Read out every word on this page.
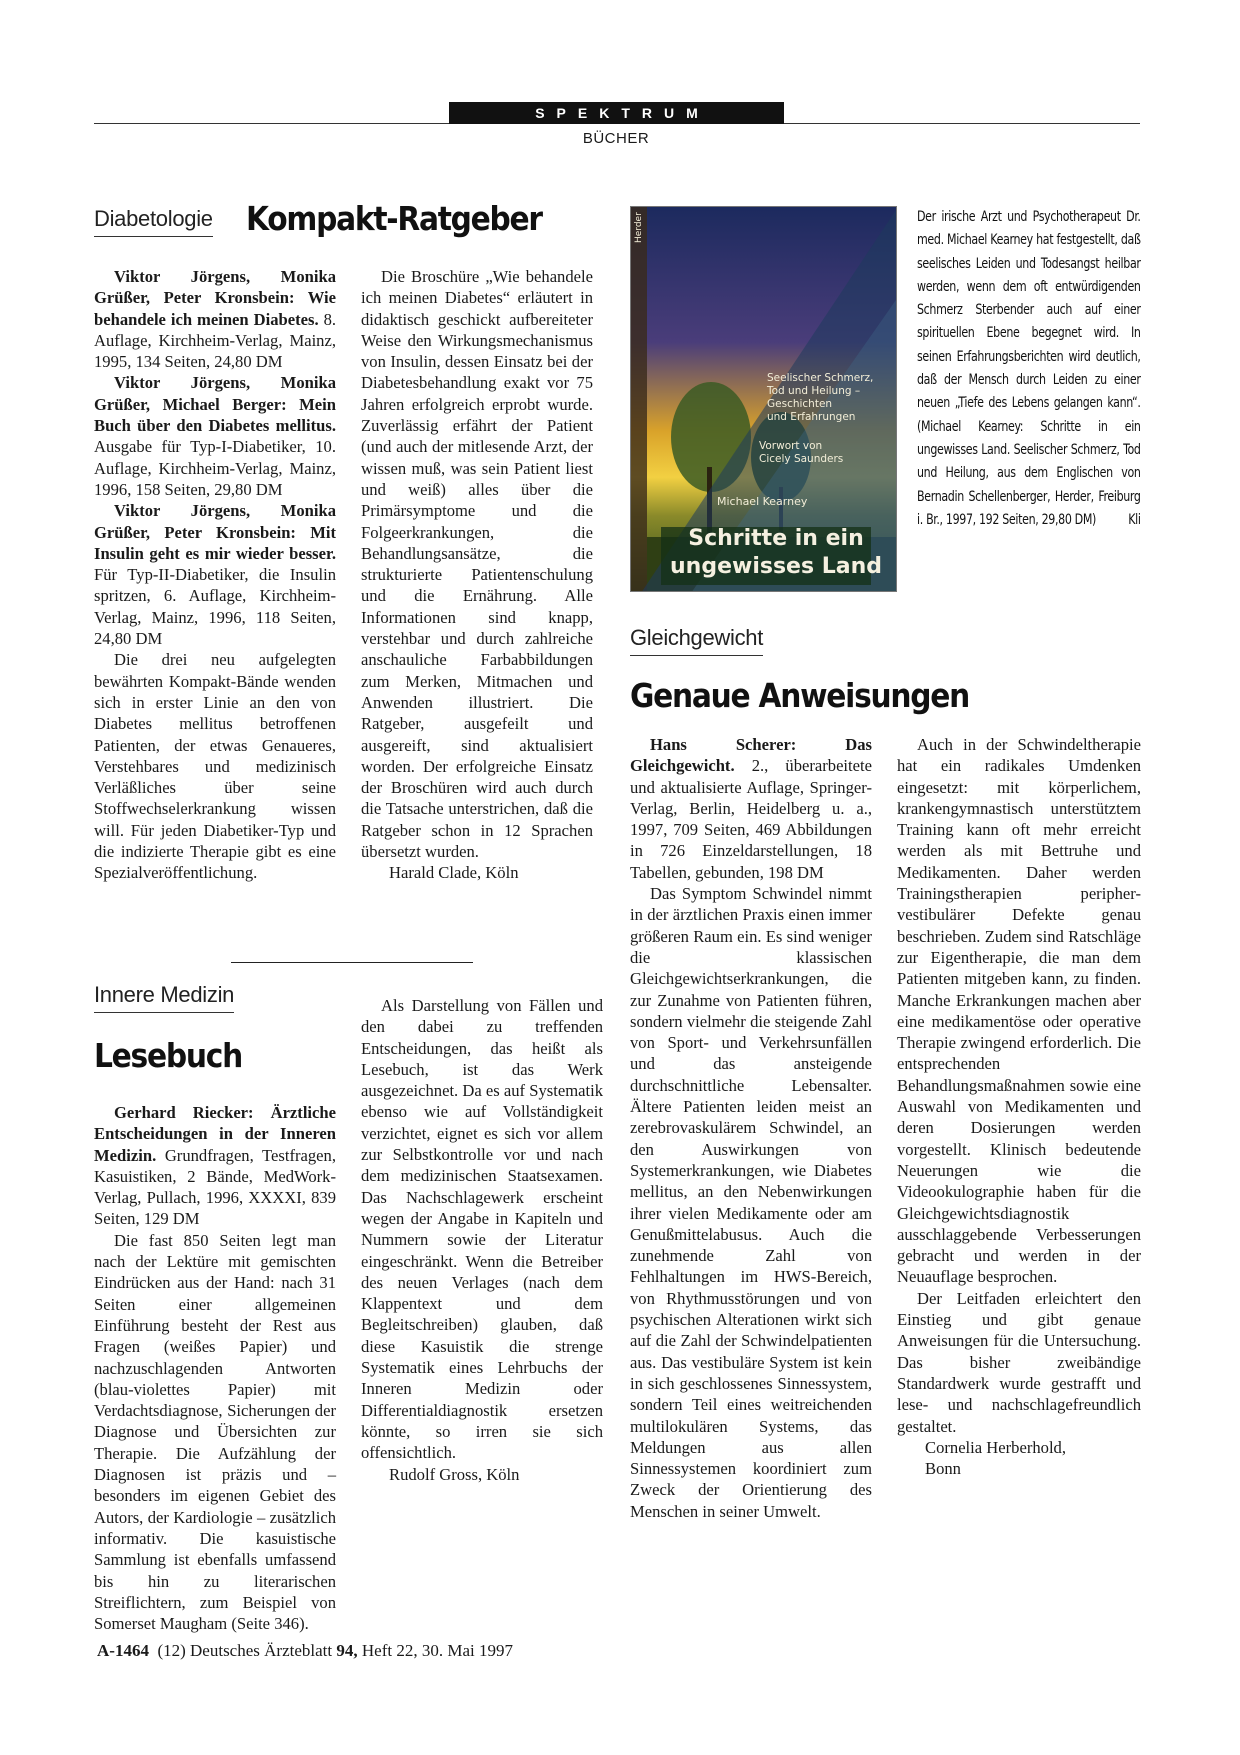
SPEKTRUM
BÜCHER
Diabetologie Kompakt-Ratgeber

Viktor Jörgens, Monika Grüßer, Peter Kronsbein: Wie behandele ich meinen Diabetes. 8. Auflage, Kirchheim-Verlag, Mainz, 1995, 134 Seiten, 24,80 DM

Viktor Jörgens, Monika Grüßer, Michael Berger: Mein Buch über den Diabetes mellitus. Ausgabe für Typ-I-Diabetiker, 10. Auflage, Kirchheim-Verlag, Mainz, 1996, 158 Seiten, 29,80 DM

Viktor Jörgens, Monika Grüßer, Peter Kronsbein: Mit Insulin geht es mir wieder besser. Für Typ-II-Diabetiker, die Insulin spritzen, 6. Auflage, Kirchheim-Verlag, Mainz, 1996, 118 Seiten, 24,80 DM

Die drei neu aufgelegten bewährten Kompakt-Bände wenden sich in erster Linie an den von Diabetes mellitus betroffenen Patienten, der etwas Genaueres, Verstehbares und medizinisch Verläßliches über seine Stoffwechselerkrankung wissen will. Für jeden Diabetiker-Typ und die indizierte Therapie gibt es eine Spezialveröffentlichung.

Die Broschüre „Wie behandele ich meinen Diabetes“ erläutert in didaktisch geschickt aufbereiteter Weise den Wirkungsmechanismus von Insulin, dessen Einsatz bei der Diabetesbehandlung exakt vor 75 Jahren erfolgreich erprobt wurde. Zuverlässig erfährt der Patient (und auch der mitlesende Arzt, der wissen muß, was sein Patient liest und weiß) alles über die Primärsymptome und die Folgeerkrankungen, die Behandlungsansätze, die strukturierte Patientenschulung und die Ernährung. Alle Informationen sind knapp, verstehbar und durch zahlreiche anschauliche Farbabbildungen zum Merken, Mitmachen und Anwenden illustriert. Die Ratgeber, ausgefeilt und ausgereift, sind aktualisiert worden. Der erfolgreiche Einsatz der Broschüren wird auch durch die Tatsache unterstrichen, daß die Ratgeber schon in 12 Sprachen übersetzt wurden.

Harald Clade, Köln

Innere Medizin
Lesebuch

Gerhard Riecker: Ärztliche Entscheidungen in der Inneren Medizin. Grundfragen, Testfragen, Kasuistiken, 2 Bände, MedWork-Verlag, Pullach, 1996, XXXXI, 839 Seiten, 129 DM

Die fast 850 Seiten legt man nach der Lektüre mit gemischten Eindrücken aus der Hand: nach 31 Seiten einer allgemeinen Einführung besteht der Rest aus Fragen (weißes Papier) und nachzuschlagenden Antworten (blau-violettes Papier) mit Verdachtsdiagnose, Sicherungen der Diagnose und Übersichten zur Therapie. Die Aufzählung der Diagnosen ist präzis und – besonders im eigenen Gebiet des Autors, der Kardiologie – zusätzlich informativ. Die kasuistische Sammlung ist ebenfalls umfassend bis hin zu literarischen Streiflichtern, zum Beispiel von Somerset Maugham (Seite 346).

Als Darstellung von Fällen und den dabei zu treffenden Entscheidungen, das heißt als Lesebuch, ist das Werk ausgezeichnet. Da es auf Systematik ebenso wie auf Vollständigkeit verzichtet, eignet es sich vor allem zur Selbstkontrolle vor und nach dem medizinischen Staatsexamen. Das Nachschlagewerk erscheint wegen der Angabe in Kapiteln und Nummern sowie der Literatur eingeschränkt. Wenn die Betreiber des neuen Verlages (nach dem Klappentext und dem Begleitschreiben) glauben, daß diese Kasuistik die strenge Systematik eines Lehrbuchs der Inneren Medizin oder Differentialdiagnostik ersetzen könnte, so irren sie sich offensichtlich.

Rudolf Gross, Köln

Herder
Seelischer Schmerz,
Tod und Heilung –
Geschichten
und Erfahrungen
Vorwort von
Cicely Saunders
Michael Kearney
Schritte in ein
ungewisses Land
Der irische Arzt und Psychotherapeut Dr. med. Michael Kearney hat festgestellt, daß seelisches Leiden und Todesangst heilbar werden, wenn dem oft entwürdigenden Schmerz Sterbender auch auf einer spirituellen Ebene begegnet wird. In seinen Erfahrungsberichten wird deutlich, daß der Mensch durch Leiden zu einer neuen „Tiefe des Lebens gelangen kann“. (Michael Kearney: Schritte in ein ungewisses Land. Seelischer Schmerz, Tod und Heilung, aus dem Englischen von Bernadin Schellenberger, Herder, Freiburg i. Br., 1997, 192 Seiten, 29,80 DM) Kli
Gleichgewicht
Genaue Anweisungen

Hans Scherer: Das Gleichgewicht. 2., überarbeitete und aktualisierte Auflage, Springer-Verlag, Berlin, Heidelberg u. a., 1997, 709 Seiten, 469 Abbildungen in 726 Einzeldarstellungen, 18 Tabellen, gebunden, 198 DM

Das Symptom Schwindel nimmt in der ärztlichen Praxis einen immer größeren Raum ein. Es sind weniger die klassischen Gleichgewichtserkrankungen, die zur Zunahme von Patienten führen, sondern vielmehr die steigende Zahl von Sport- und Verkehrsunfällen und das ansteigende durchschnittliche Lebensalter. Ältere Patienten leiden meist an zerebrovaskulärem Schwindel, an den Auswirkungen von Systemerkrankungen, wie Diabetes mellitus, an den Nebenwirkungen ihrer vielen Medikamente oder am Genußmittelabusus. Auch die zunehmende Zahl von Fehlhaltungen im HWS-Bereich, von Rhythmusstörungen und von psychischen Alterationen wirkt sich auf die Zahl der Schwindelpatienten aus. Das vestibuläre System ist kein in sich geschlossenes Sinnessystem, sondern Teil eines weitreichenden multilokulären Systems, das Meldungen aus allen Sinnessystemen koordiniert zum Zweck der Orientierung des Menschen in seiner Umwelt.

Auch in der Schwindeltherapie hat ein radikales Umdenken eingesetzt: mit körperlichem, krankengymnastisch unterstütztem Training kann oft mehr erreicht werden als mit Bettruhe und Medikamenten. Daher werden Trainingstherapien peripher-vestibulärer Defekte genau beschrieben. Zudem sind Ratschläge zur Eigentherapie, die man dem Patienten mitgeben kann, zu finden. Manche Erkrankungen machen aber eine medikamentöse oder operative Therapie zwingend erforderlich. Die entsprechenden Behandlungsmaßnahmen sowie eine Auswahl von Medikamenten und deren Dosierungen werden vorgestellt. Klinisch bedeutende Neuerungen wie die Videookulographie haben für die Gleichgewichtsdiagnostik ausschlaggebende Verbesserungen gebracht und werden in der Neuauflage besprochen.

Der Leitfaden erleichtert den Einstieg und gibt genaue Anweisungen für die Untersuchung. Das bisher zweibändige Standardwerk wurde gestrafft und lese- und nachschlagefreundlich gestaltet.

Cornelia Herberhold,

Bonn

A-1464  (12) Deutsches Ärzteblatt 94, Heft 22, 30. Mai 1997
